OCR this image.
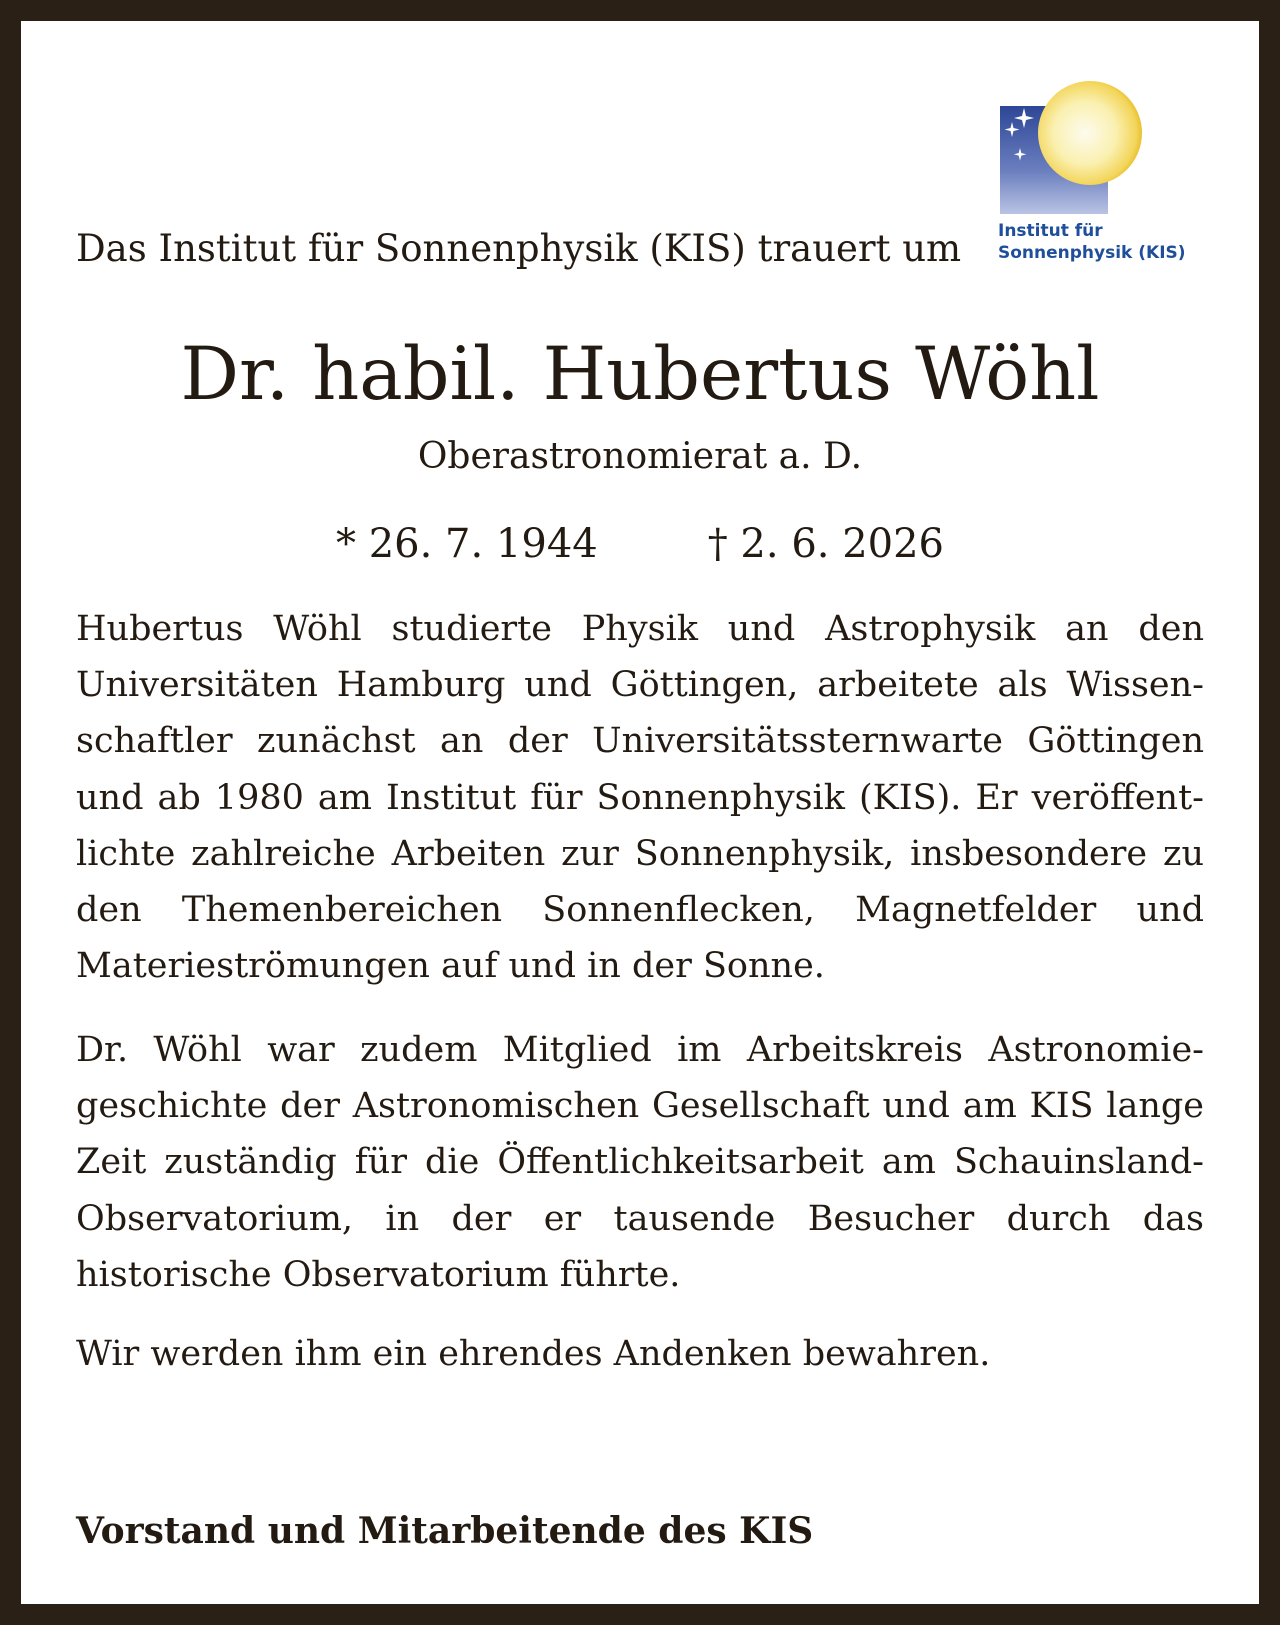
Institut für
Sonnenphysik (KIS)
Das Institut für Sonnenphysik (KIS) trauert um
Dr. habil. Hubertus Wöhl
Oberastronomierat a. D.
* 26. 7. 1944	† 2. 6. 2026

Hubertus Wöhl studierte Physik und Astrophysik an den Universitäten Hamburg und Göttingen, arbeitete als Wissenschaftler zunächst an der Universitätssternwarte Göttingen und ab 1980 am Institut für Sonnenphysik (KIS). Er veröffentlichte zahlreiche Arbeiten zur Sonnenphysik, insbesondere zu den Themenbereichen Sonnenflecken, Magnetfelder und Materieströmungen auf und in der Sonne.

Dr. Wöhl war zudem Mitglied im Arbeitskreis Astronomiegeschichte der Astronomischen Gesellschaft und am KIS lange Zeit zuständig für die Öffentlichkeitsarbeit am Schauinsland-Observatorium, in der er tausende Besucher durch das historische Observatorium führte.

Wir werden ihm ein ehrendes Andenken bewahren.

Vorstand und Mitarbeitende des KIS
